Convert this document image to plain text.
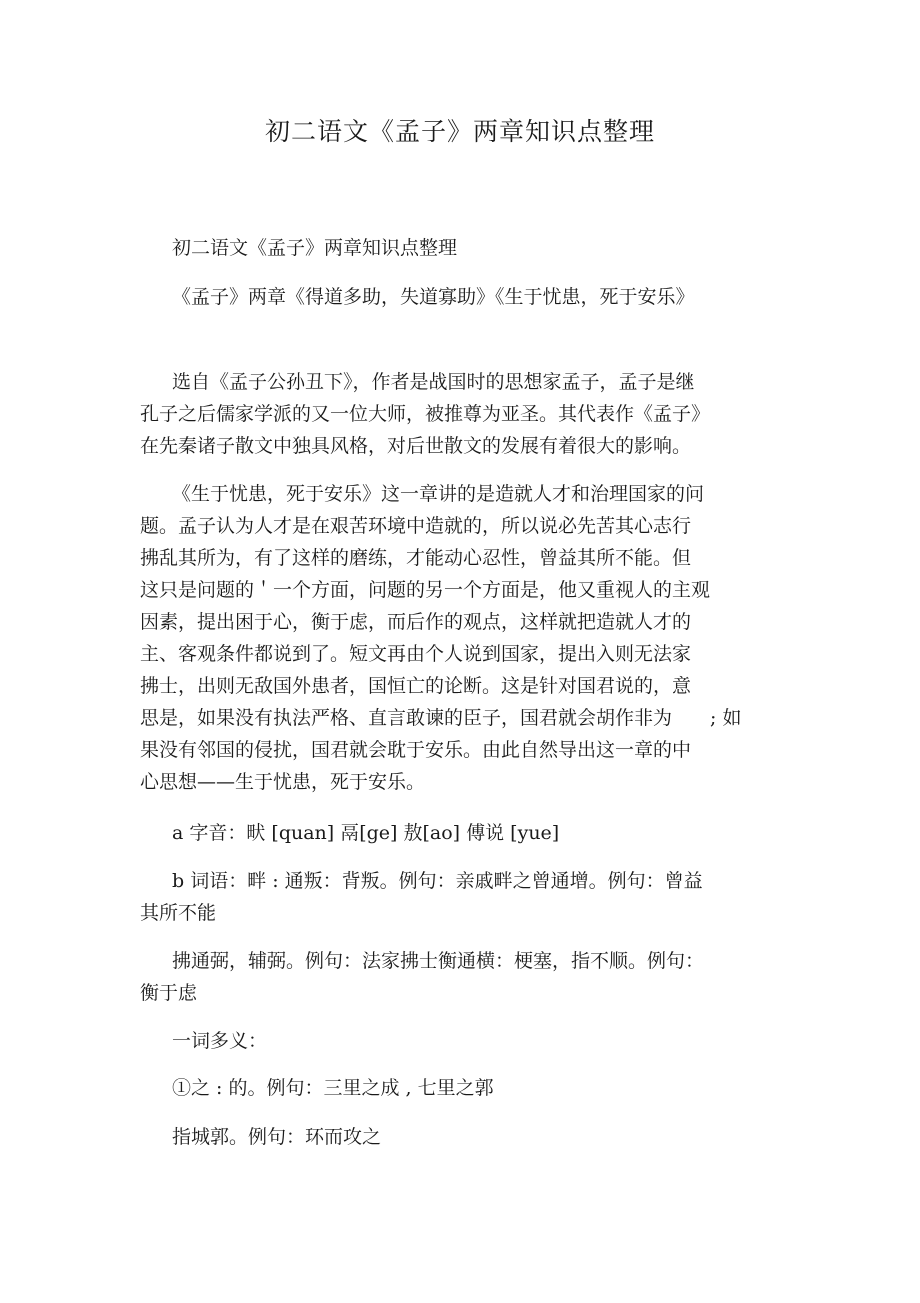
初二语文《孟子》两章知识点整理
初二语文《孟子》两章知识点整理
《孟子》两章《得道多助，失道寡助》《生于忧患，死于安乐》
选自《孟子公孙丑下》，作者是战国时的思想家孟子，孟子是继
孔子之后儒家学派的又一位大师，被推尊为亚圣。其代表作《孟子》
在先秦诸子散文中独具风格，对后世散文的发展有着很大的影响。
《生于忧患，死于安乐》这一章讲的是造就人才和治理国家的问
题。孟子认为人才是在艰苦环境中造就的，所以说必先苦其心志行
拂乱其所为，有了这样的磨练，才能动心忍性，曾益其所不能。但
这只是问题的＇一个方面，问题的另一个方面是，他又重视人的主观
因素，提出困于心，衡于虑，而后作的观点，这样就把造就人才的
主、客观条件都说到了。短文再由个人说到国家，提出入则无法家
拂士，出则无敌国外患者，国恒亡的论断。这是针对国君说的，意
思是，如果没有执法严格、直言敢谏的臣子，国君就会胡作非为　　; 如
果没有邻国的侵扰，国君就会耽于安乐。由此自然导出这一章的中
心思想——生于忧患，死于安乐。
a 字音：畎 [quan] 鬲[ge] 敖[ao] 傅说 [yue]
b 词语：畔 : 通叛：背叛。例句：亲戚畔之曾通增。例句：曾益
其所不能
拂通弼，辅弼。例句：法家拂士衡通横：梗塞，指不顺。例句：
衡于虑
一词多义：
①之 : 的。例句：三里之成 , 七里之郭
指城郭。例句：环而攻之
